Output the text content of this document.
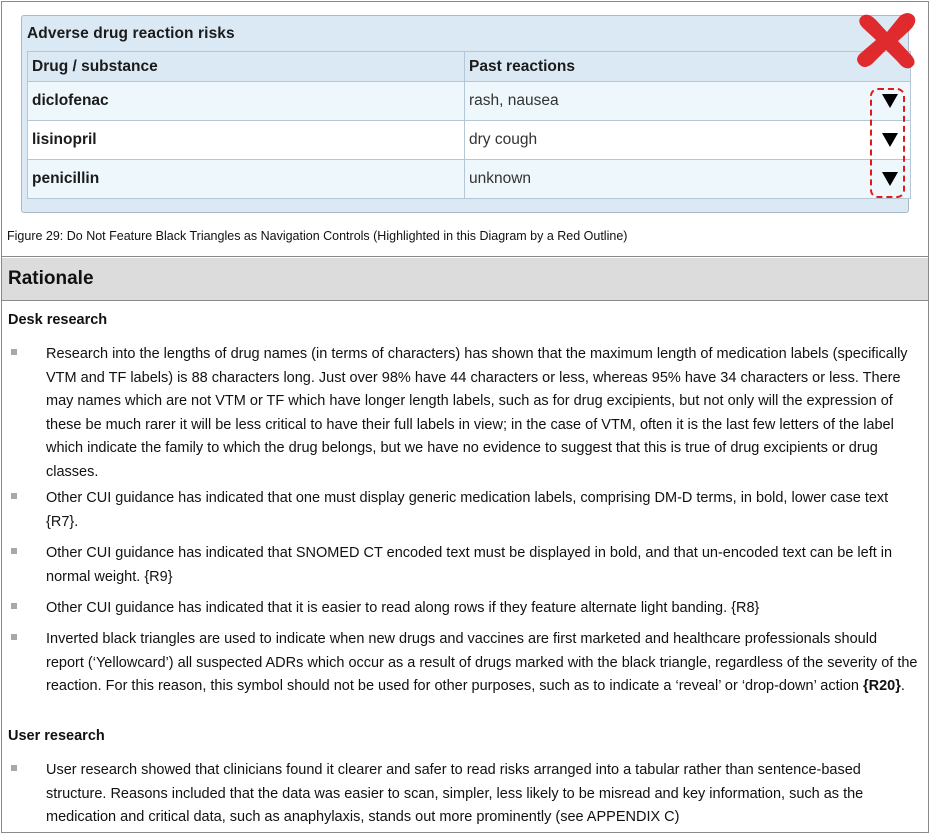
Adverse drug reaction risks
Drug / substance	Past reactions
diclofenac	rash, nausea

lisinopril	dry cough

penicillin	unknown
Figure 29: Do Not Feature Black Triangles as Navigation Controls (Highlighted in this Diagram by a Red Outline)
Rationale
Desk research

Research into the lengths of drug names (in terms of characters) has shown that the maximum length of medication labels (specifically VTM and TF labels) is 88 characters long. Just over 98% have 44 characters or less, whereas 95% have 34 characters or less. There may names which are not VTM or TF which have longer length labels, such as for drug excipients, but not only will the expression of these be much rarer it will be less critical to have their full labels in view; in the case of VTM, often it is the last few letters of the label which indicate the family to which the drug belongs, but we have no evidence to suggest that this is true of drug excipients or drug classes.

Other CUI guidance has indicated that one must display generic medication labels, comprising DM-D terms, in bold, lower case text {R7}.

Other CUI guidance has indicated that SNOMED CT encoded text must be displayed in bold, and that un-encoded text can be left in normal weight. {R9}

Other CUI guidance has indicated that it is easier to read along rows if they feature alternate light banding. {R8}

Inverted black triangles are used to indicate when new drugs and vaccines are first marketed and healthcare professionals should report (‘Yellowcard’) all suspected ADRs which occur as a result of drugs marked with the black triangle, regardless of the severity of the reaction. For this reason, this symbol should not be used for other purposes, such as to indicate a ‘reveal’ or ‘drop-down’ action {R20}.

User research

User research showed that clinicians found it clearer and safer to read risks arranged into a tabular rather than sentence-based structure. Reasons included that the data was easier to scan, simpler, less likely to be misread and key information, such as the medication and critical data, such as anaphylaxis, stands out more prominently (see APPENDIX C)
